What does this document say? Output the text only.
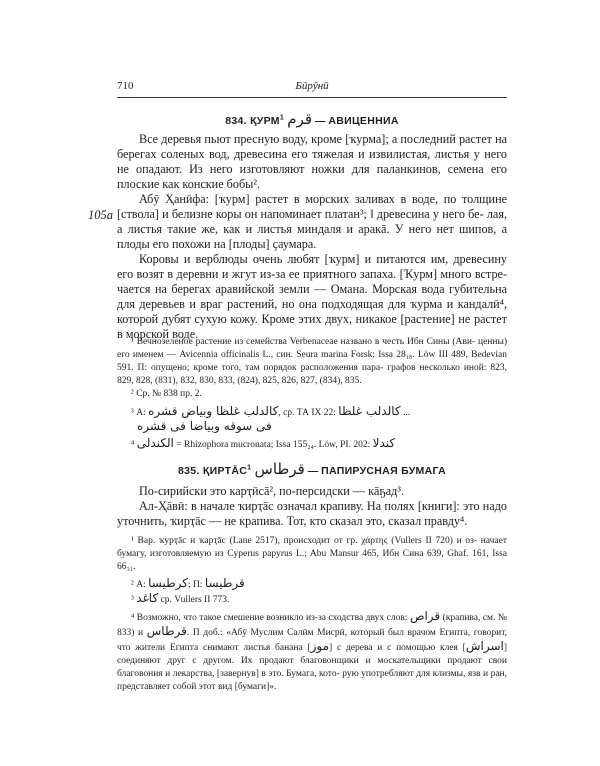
710	Бӣрӯнӣ
834. ҚУРМ$^1$ قرم — АВИЦЕННИА

Все деревья пьют пресную воду, кроме [ҡурма]; а последний растет на берегах соленых вод, древесина его тяжелая и извилистая, листья у него не опадают. Из него изготовляют ножки для паланкинов, семена его плоские как конские бобы².

Абӯ Ҳанӣфа: [ҡурм] растет в морских заливах в воде, по толщине [ствола] и белизне коры он напоминает платан³; ‖ древесина у него бе- лая, а листья такие же, как и листья миндаля и аракā. У него нет шипов, а плоды его похожи на [плоды] ҫаумара.

Коровы и верблюды очень любят [ҡурм] и питаются им, древесину его возят в деревни и жгут из-за ее приятного запаха. [Ҡурм] много встре- чается на берегах аравийской земли — Омана. Морская вода губительна для деревьев и враг растений, но она подходящая для ҡурма и кандалӣ⁴, которой дубят сухую кожу. Кроме этих двух, никакое [растение] не растет в морской воде.

105а

¹ Вечнозеленое растение из семейства Verbenaceae названо в честь Ибн Сины (Ави- ценны) его именем — Avicennia officinalis L., син. Seura marina Forsk; Issa 28₁₈. Löw III 489, Bedevian 591. П: опущено; кроме того, там порядок расположения пара- графов несколько иной: 823, 829, 828, (831), 832, 830, 833, (824), 825, 826, 827, (834), 835.

² Ср. № 838 пр. 2.

³ А: كالدلب غلظا وبياض قشره, ср. ТА IX 22: كالدلب غلظا ...

فى سوقه وبياضا فى قشره

⁴ الكندلى = Rhizophora mucronata; Issa 155₂₄. Löw, PI. 202: كندلا

835. ҚИРТĀС$^1$ قرطاس — ПАПИРУСНАЯ БУМАГА

По-сирийски это карҭӣсā², по-персидски — кāҕад³.

Ал-Ҳāвӣ: в начале ҡирҭāс означал крапиву. На полях [книги]: это надо уточнить, ҡирҭāс — не крапива. Тот, кто сказал это, сказал правду⁴.

¹ Вар. ҡурҭāс и ҡарҭāс (Lane 2517), происходит от гр. χάρτης (Vullers II 720) и оз- начает бумагу, изготовляемую из Cyperus papyrus L.; Abu Mansur 465, Ибн Сина 639, Ghaf. 161, Issa 66₁₁.

² А: كرطيسا; П: قرطيسا

³ كاغد ср. Vullers II 773.

⁴ Возможно, что такое смешение возникло из-за сходства двух слов: قراص (крапива, см. № 833) и قرطاس. П доб.: «Абӯ Муслим Салӣм Мисрӣ, который был врачом Египта, говорит, что жители Египта снимают листья банана [موز] с дерева и с помощью клея [اسراش] соединяют друг с другом. Их продают благовонщики и москательщики продают свои благовония и лекарства, [завернув] в это. Бумага, кото- рую употребляют для клизмы, язв и ран, представляет собой этот вид [бумаги]».
